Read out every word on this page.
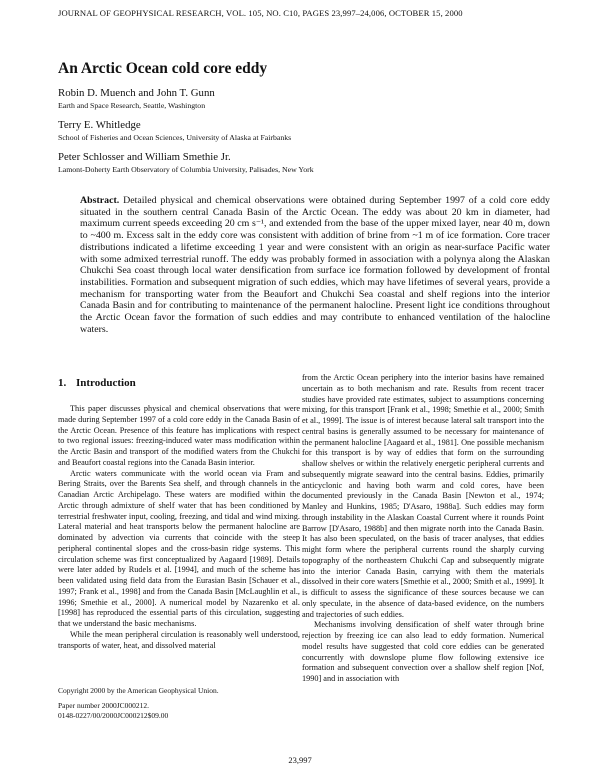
JOURNAL OF GEOPHYSICAL RESEARCH, VOL. 105, NO. C10, PAGES 23,997–24,006, OCTOBER 15, 2000
An Arctic Ocean cold core eddy
Robin D. Muench and John T. Gunn
Earth and Space Research, Seattle, Washington
Terry E. Whitledge
School of Fisheries and Ocean Sciences, University of Alaska at Fairbanks
Peter Schlosser and William Smethie Jr.
Lamont-Doherty Earth Observatory of Columbia University, Palisades, New York
Abstract. Detailed physical and chemical observations were obtained during September 1997 of a cold core eddy situated in the southern central Canada Basin of the Arctic Ocean. The eddy was about 20 km in diameter, had maximum current speeds exceeding 20 cm s⁻¹, and extended from the base of the upper mixed layer, near 40 m, down to ~400 m. Excess salt in the eddy core was consistent with addition of brine from ~1 m of ice formation. Core tracer distributions indicated a lifetime exceeding 1 year and were consistent with an origin as near-surface Pacific water with some admixed terrestrial runoff. The eddy was probably formed in association with a polynya along the Alaskan Chukchi Sea coast through local water densification from surface ice formation followed by development of frontal instabilities. Formation and subsequent migration of such eddies, which may have lifetimes of several years, provide a mechanism for transporting water from the Beaufort and Chukchi Sea coastal and shelf regions into the interior Canada Basin and for contributing to maintenance of the permanent halocline. Present light ice conditions throughout the Arctic Ocean favor the formation of such eddies and may contribute to enhanced ventilation of the halocline waters.
1. Introduction

This paper discusses physical and chemical observations that were made during September 1997 of a cold core eddy in the Canada Basin of the Arctic Ocean. Presence of this feature has implications with respect to two regional issues: freezing-induced water mass modification within the Arctic Basin and transport of the modified waters from the Chukchi and Beaufort coastal regions into the Canada Basin interior.

Arctic waters communicate with the world ocean via Fram and Bering Straits, over the Barents Sea shelf, and through channels in the Canadian Arctic Archipelago. These waters are modified within the Arctic through admixture of shelf water that has been conditioned by terrestrial freshwater input, cooling, freezing, and tidal and wind mixing. Lateral material and heat transports below the permanent halocline are dominated by advection via currents that coincide with the steep peripheral continental slopes and the cross-basin ridge systems. This circulation scheme was first conceptualized by Aagaard [1989]. Details were later added by Rudels et al. [1994], and much of the scheme has been validated using field data from the Eurasian Basin [Schauer et al., 1997; Frank et al., 1998] and from the Canada Basin [McLaughlin et al., 1996; Smethie et al., 2000]. A numerical model by Nazarenko et al. [1998] has reproduced the essential parts of this circulation, suggesting that we understand the basic mechanisms.

While the mean peripheral circulation is reasonably well understood, transports of water, heat, and dissolved material

from the Arctic Ocean periphery into the interior basins have remained uncertain as to both mechanism and rate. Results from recent tracer studies have provided rate estimates, subject to assumptions concerning mixing, for this transport [Frank et al., 1998; Smethie et al., 2000; Smith et al., 1999]. The issue is of interest because lateral salt transport into the central basins is generally assumed to be necessary for maintenance of the permanent halocline [Aagaard et al., 1981]. One possible mechanism for this transport is by way of eddies that form on the surrounding shallow shelves or within the relatively energetic peripheral currents and subsequently migrate seaward into the central basins. Eddies, primarily anticyclonic and having both warm and cold cores, have been documented previously in the Canada Basin [Newton et al., 1974; Manley and Hunkins, 1985; D'Asaro, 1988a]. Such eddies may form through instability in the Alaskan Coastal Current where it rounds Point Barrow [D'Asaro, 1988b] and then migrate north into the Canada Basin. It has also been speculated, on the basis of tracer analyses, that eddies might form where the peripheral currents round the sharply curving topography of the northeastern Chukchi Cap and subsequently migrate into the interior Canada Basin, carrying with them the materials dissolved in their core waters [Smethie et al., 2000; Smith et al., 1999]. It is difficult to assess the significance of these sources because we can only speculate, in the absence of data-based evidence, on the numbers and trajectories of such eddies.

Mechanisms involving densification of shelf water through brine rejection by freezing ice can also lead to eddy formation. Numerical model results have suggested that cold core eddies can be generated concurrently with downslope plume flow following extensive ice formation and subsequent convection over a shallow shelf region [Nof, 1990] and in association with

Copyright 2000 by the American Geophysical Union.
Paper number 2000JC000212.
0148-0227/00/2000JC000212$09.00
23,997
